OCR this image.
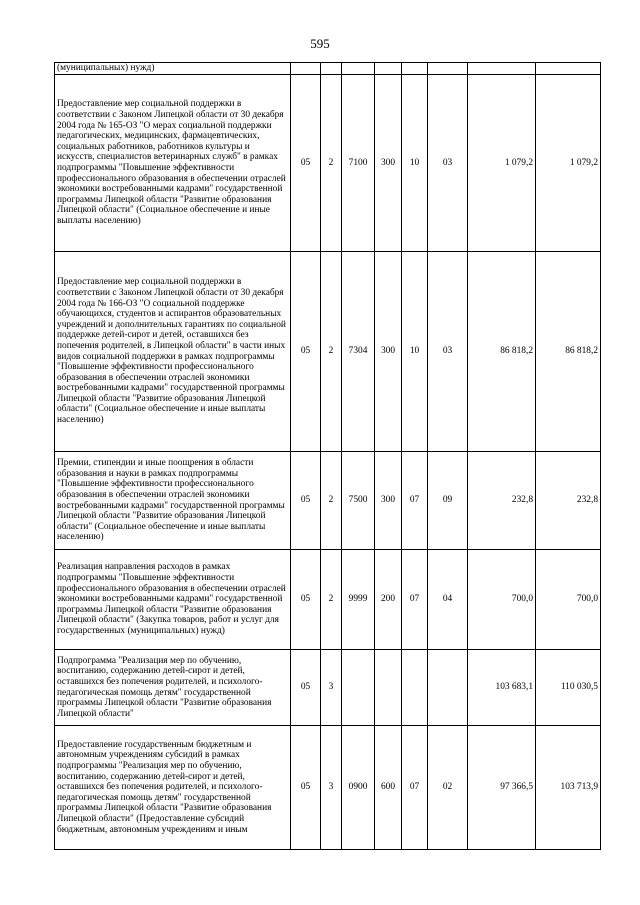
595
(муниципальных) нужд)								
Предоставление мер социальной поддержки в соответствии с Законом Липецкой области от 30 декабря 2004 года № 165-ОЗ "О мерах социальной поддержки педагогических, медицинских, фармацевтических, социальных работников, работников культуры и искусств, специалистов ветеринарных служб" в рамках подпрограммы "Повышение эффективности профессионального образования в обеспечении отраслей экономики востребованными кадрами" государственной программы Липецкой области "Развитие образования Липецкой области" (Социальное обеспечение и иные выплаты населению)	05	2	7100	300	10	03	1 079,2	1 079,2
Предоставление мер социальной поддержки в соответствии с Законом Липецкой области от 30 декабря 2004 года № 166-ОЗ "О социальной поддержке обучающихся, студентов и аспирантов образовательных учреждений и дополнительных гарантиях по социальной поддержке детей-сирот и детей, оставшихся без попечения родителей, в Липецкой области" в части иных видов социальной поддержки в рамках подпрограммы "Повышение эффективности профессионального образования в обеспечении отраслей экономики востребованными кадрами" государственной программы Липецкой области "Развитие образования Липецкой области" (Социальное обеспечение и иные выплаты населению)	05	2	7304	300	10	03	86 818,2	86 818,2
Премии, стипендии и иные поощрения в области образования и науки в рамках подпрограммы "Повышение эффективности профессионального образования в обеспечении отраслей экономики востребованными кадрами" государственной программы Липецкой области "Развитие образования Липецкой области" (Социальное обеспечение и иные выплаты населению)	05	2	7500	300	07	09	232,8	232,8
Реализация направления расходов в рамках подпрограммы "Повышение эффективности профессионального образования в обеспечении отраслей экономики востребованными кадрами" государственной программы Липецкой области "Развитие образования Липецкой области" (Закупка товаров, работ и услуг для государственных (муниципальных) нужд)	05	2	9999	200	07	04	700,0	700,0
Подпрограмма "Реализация мер по обучению, воспитанию, содержанию детей-сирот и детей, оставшихся без попечения родителей, и психолого-педагогическая помощь детям" государственной программы Липецкой области "Развитие образования Липецкой области"	05	3					103 683,1	110 030,5
Предоставление государственным бюджетным и автономным учреждениям субсидий в рамках подпрограммы "Реализация мер по обучению, воспитанию, содержанию детей-сирот и детей, оставшихся без попечения родителей, и психолого-педагогическая помощь детям" государственной программы Липецкой области "Развитие образования Липецкой области" (Предоставление субсидий бюджетным, автономным учреждениям и иным	05	3	0900	600	07	02	97 366,5	103 713,9
